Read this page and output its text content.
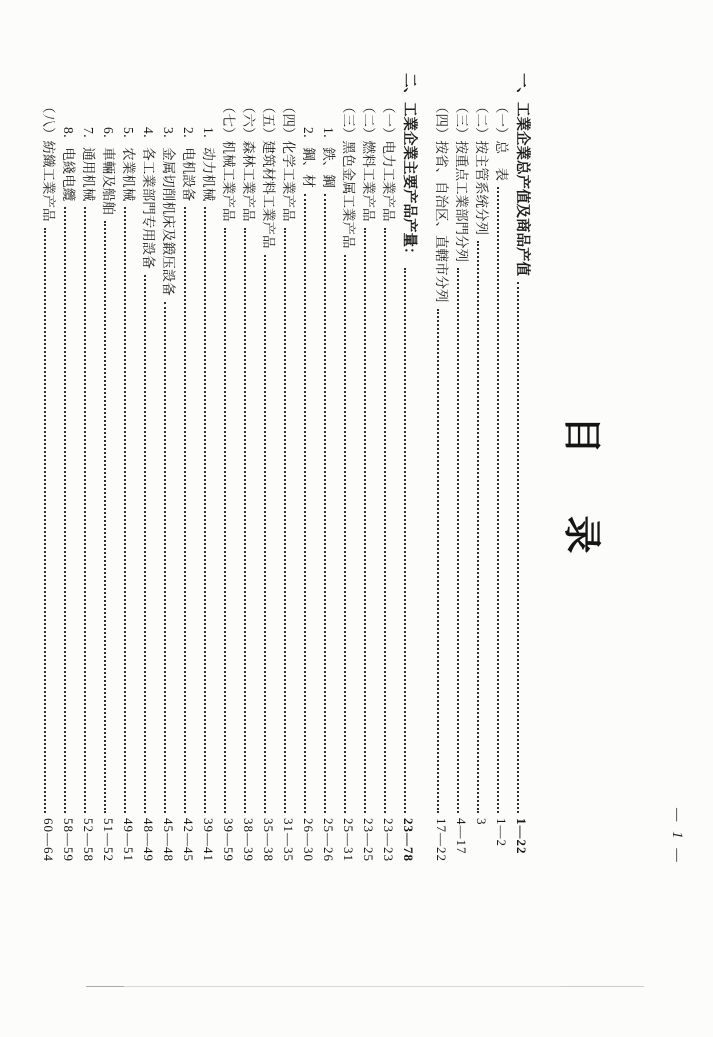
— 1 —
目 录
一、工業企業总产值及商品产值
1—22
（一）总　表
1—2
（二）按主管系统分列
3
（三）按重点工業部門分列
4—17
（四）按省、自治区、直轄市分列
17—22
二、工業企業主要产品产量：
23—78
（一）电力工業产品
23—23
（二）燃料工業产品
23—25
（三）黑色金属工業产品
25—31
1．鉄、鋼
25—26
2．鋼、材
26—30
（四）化学工業产品
31—35
（五）建筑材料工業产品
35—38
（六）森林工業产品
38—39
（七）机械工業产品
39—59
1．动力机械
39—41
2．电机設备
42—45
3．金属切削机床及鍛压設备
45—48
4．各工業部門专用設备
48—49
5．农業机械
49—51
6．車輛及船舶
51—52
7．通用机械
52—58
8．电綫电纜
58—59
（八）紡織工業产品
60—64
